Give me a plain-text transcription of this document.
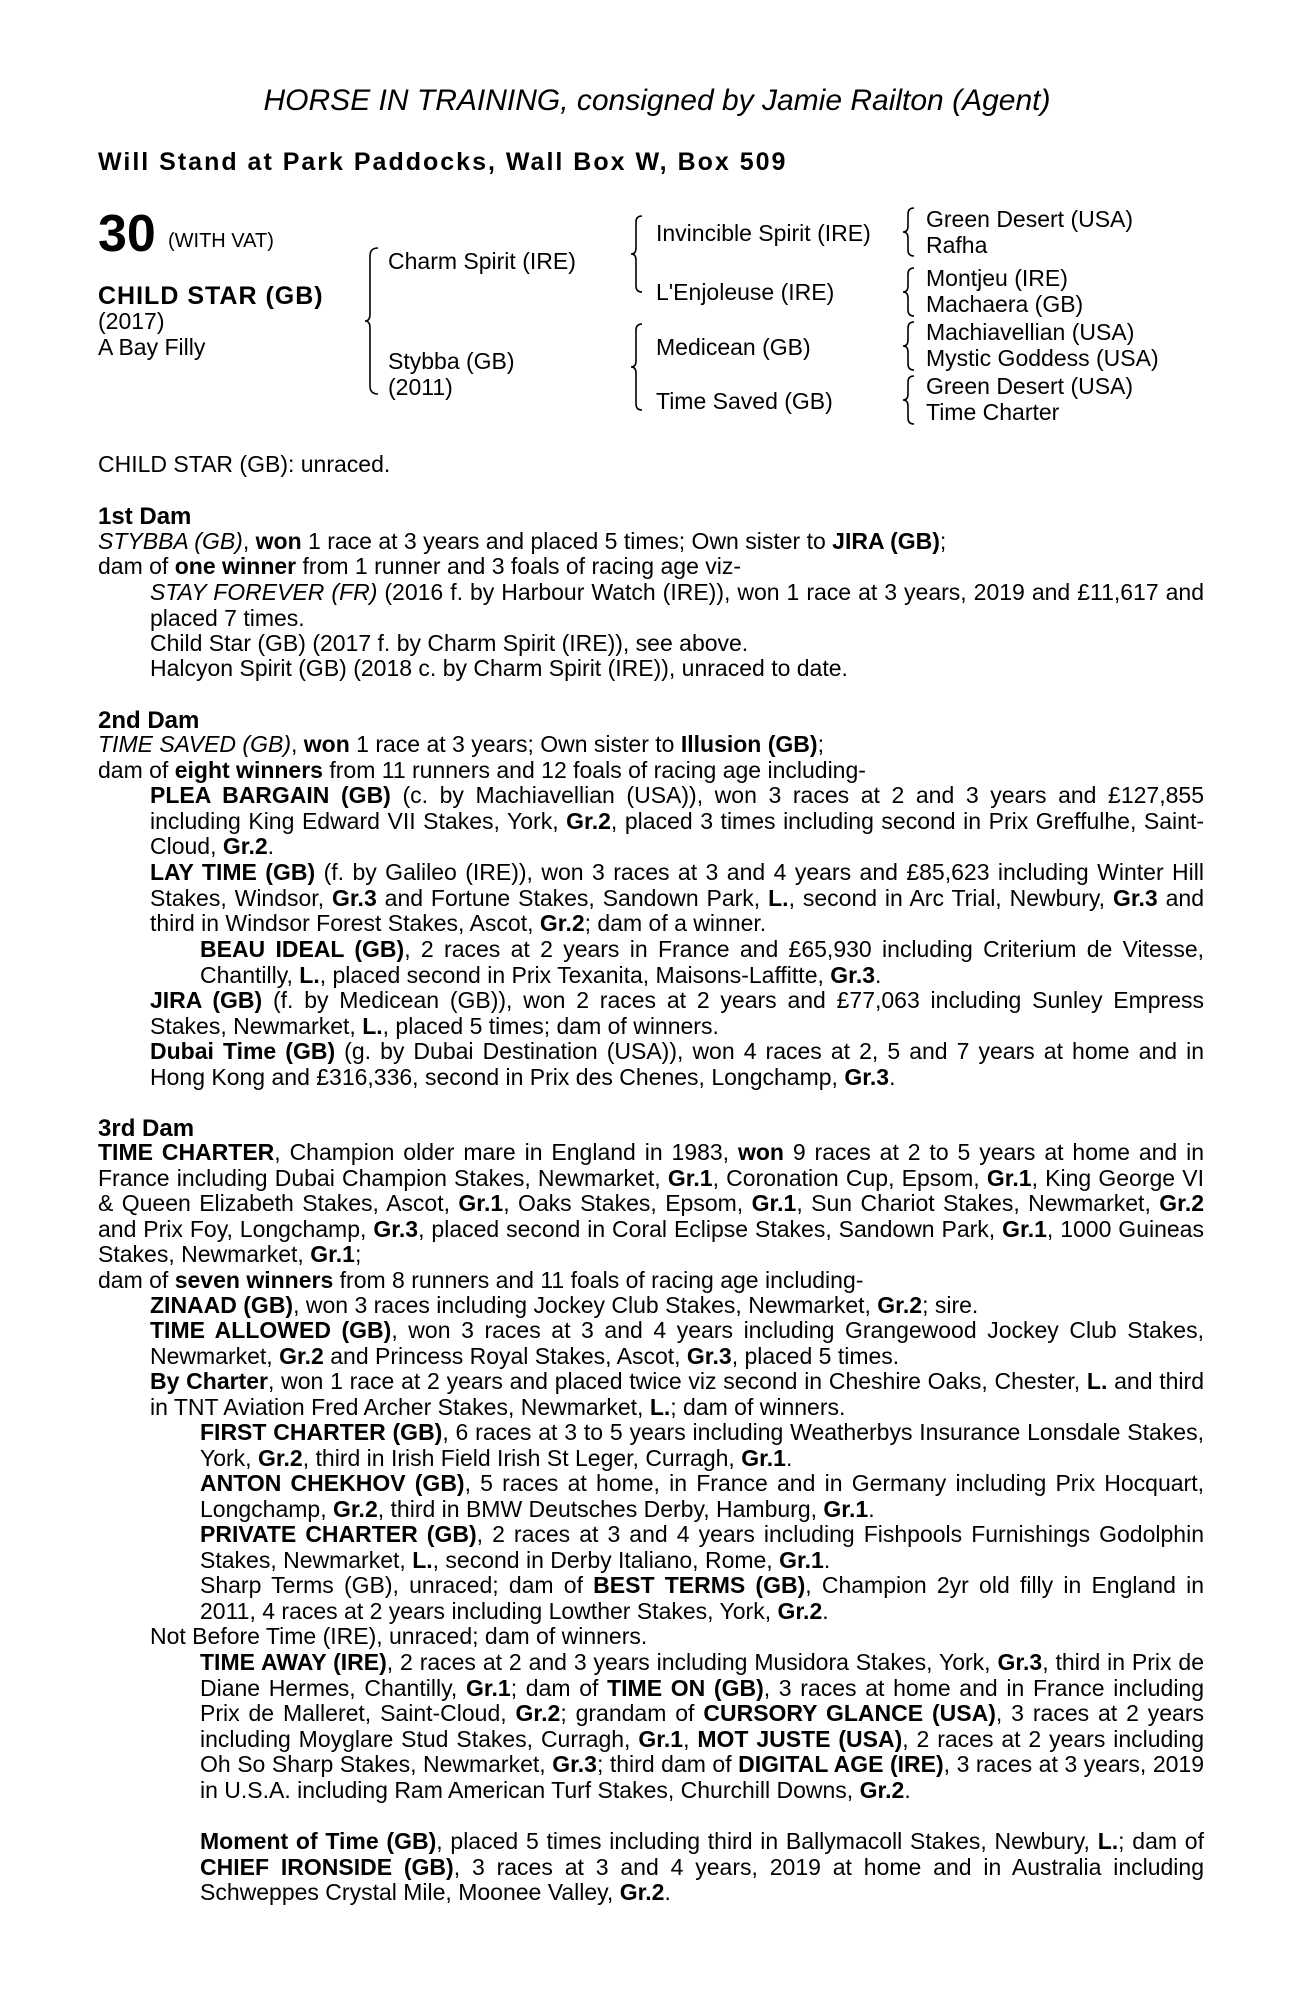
HORSE IN TRAINING, consigned by Jamie Railton (Agent)
Will Stand at Park Paddocks, Wall Box W, Box 509
30 (WITH VAT)
CHILD STAR (GB)
(2017)
A Bay Filly
Charm Spirit (IRE)
Stybba (GB)
(2011)
Invincible Spirit (IRE)
L'Enjoleuse (IRE)
Medicean (GB)
Time Saved (GB)
Green Desert (USA)
Rafha
Montjeu (IRE)
Machaera (GB)
Machiavellian (USA)
Mystic Goddess (USA)
Green Desert (USA)
Time Charter
CHILD STAR (GB): unraced.
1st Dam
STYBBA (GB), won 1 race at 3 years and placed 5 times; Own sister to JIRA (GB);
dam of one winner from 1 runner and 3 foals of racing age viz-
STAY FOREVER (FR) (2016 f. by Harbour Watch (IRE)), won 1 race at 3 years, 2019 and £11,617 and placed 7 times.
Child Star (GB) (2017 f. by Charm Spirit (IRE)), see above.
Halcyon Spirit (GB) (2018 c. by Charm Spirit (IRE)), unraced to date.
2nd Dam
TIME SAVED (GB), won 1 race at 3 years; Own sister to Illusion (GB);
dam of eight winners from 11 runners and 12 foals of racing age including-
PLEA BARGAIN (GB) (c. by Machiavellian (USA)), won 3 races at 2 and 3 years and £127,855 including King Edward VII Stakes, York, Gr.2, placed 3 times including second in Prix Greffulhe, Saint-Cloud, Gr.2.
LAY TIME (GB) (f. by Galileo (IRE)), won 3 races at 3 and 4 years and £85,623 including Winter Hill Stakes, Windsor, Gr.3 and Fortune Stakes, Sandown Park, L., second in Arc Trial, Newbury, Gr.3 and third in Windsor Forest Stakes, Ascot, Gr.2; dam of a winner.
BEAU IDEAL (GB), 2 races at 2 years in France and £65,930 including Criterium de Vitesse, Chantilly, L., placed second in Prix Texanita, Maisons-Laffitte, Gr.3.
JIRA (GB) (f. by Medicean (GB)), won 2 races at 2 years and £77,063 including Sunley Empress Stakes, Newmarket, L., placed 5 times; dam of winners.
Dubai Time (GB) (g. by Dubai Destination (USA)), won 4 races at 2, 5 and 7 years at home and in Hong Kong and £316,336, second in Prix des Chenes, Longchamp, Gr.3.
3rd Dam
TIME CHARTER, Champion older mare in England in 1983, won 9 races at 2 to 5 years at home and in France including Dubai Champion Stakes, Newmarket, Gr.1, Coronation Cup, Epsom, Gr.1, King George VI & Queen Elizabeth Stakes, Ascot, Gr.1, Oaks Stakes, Epsom, Gr.1, Sun Chariot Stakes, Newmarket, Gr.2 and Prix Foy, Longchamp, Gr.3, placed second in Coral Eclipse Stakes, Sandown Park, Gr.1, 1000 Guineas Stakes, Newmarket, Gr.1;
dam of seven winners from 8 runners and 11 foals of racing age including-
ZINAAD (GB), won 3 races including Jockey Club Stakes, Newmarket, Gr.2; sire.
TIME ALLOWED (GB), won 3 races at 3 and 4 years including Grangewood Jockey Club Stakes, Newmarket, Gr.2 and Princess Royal Stakes, Ascot, Gr.3, placed 5 times.
By Charter, won 1 race at 2 years and placed twice viz second in Cheshire Oaks, Chester, L. and third in TNT Aviation Fred Archer Stakes, Newmarket, L.; dam of winners.
FIRST CHARTER (GB), 6 races at 3 to 5 years including Weatherbys Insurance Lonsdale Stakes, York, Gr.2, third in Irish Field Irish St Leger, Curragh, Gr.1.
ANTON CHEKHOV (GB), 5 races at home, in France and in Germany including Prix Hocquart, Longchamp, Gr.2, third in BMW Deutsches Derby, Hamburg, Gr.1.
PRIVATE CHARTER (GB), 2 races at 3 and 4 years including Fishpools Furnishings Godolphin Stakes, Newmarket, L., second in Derby Italiano, Rome, Gr.1.
Sharp Terms (GB), unraced; dam of BEST TERMS (GB), Champion 2yr old filly in England in 2011, 4 races at 2 years including Lowther Stakes, York, Gr.2.
Not Before Time (IRE), unraced; dam of winners.
TIME AWAY (IRE), 2 races at 2 and 3 years including Musidora Stakes, York, Gr.3, third in Prix de Diane Hermes, Chantilly, Gr.1; dam of TIME ON (GB), 3 races at home and in France including Prix de Malleret, Saint-Cloud, Gr.2; grandam of CURSORY GLANCE (USA), 3 races at 2 years including Moyglare Stud Stakes, Curragh, Gr.1, MOT JUSTE (USA), 2 races at 2 years including Oh So Sharp Stakes, Newmarket, Gr.3; third dam of DIGITAL AGE (IRE), 3 races at 3 years, 2019 in U.S.A. including Ram American Turf Stakes, Churchill Downs, Gr.2.
Moment of Time (GB), placed 5 times including third in Ballymacoll Stakes, Newbury, L.; dam of CHIEF IRONSIDE (GB), 3 races at 3 and 4 years, 2019 at home and in Australia including Schweppes Crystal Mile, Moonee Valley, Gr.2.
